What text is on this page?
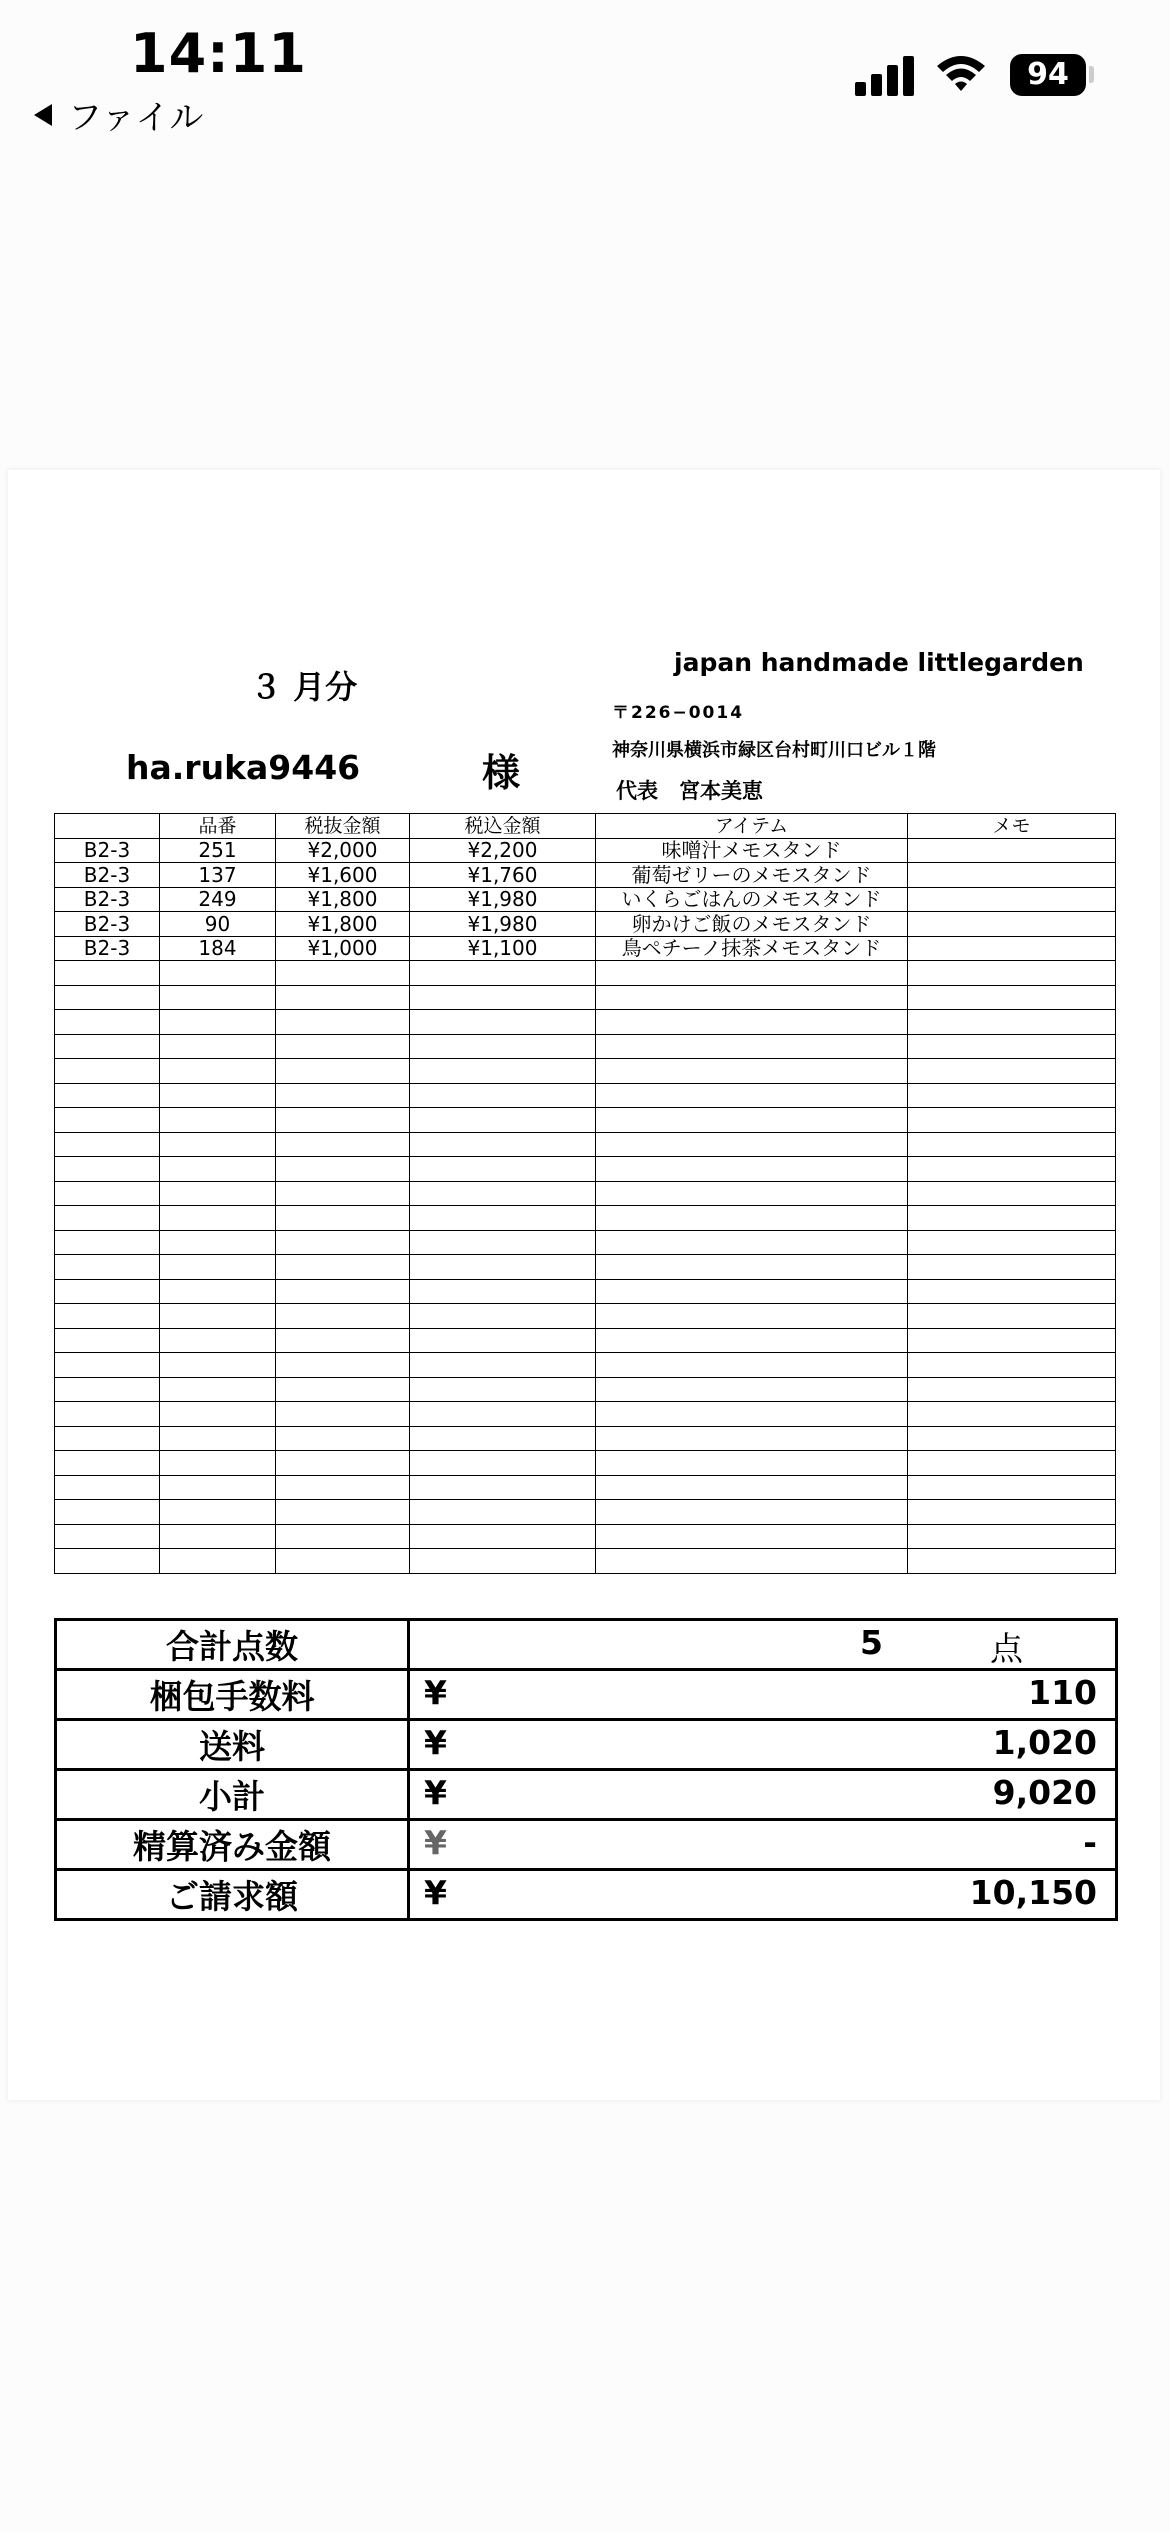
14:11
ファイル
94
３ 月分
ha.ruka9446	様
japan handmade littlegarden
〒226−0014
神奈川県横浜市緑区台村町川口ビル１階
代表　宮本美恵
	品番	税抜金額	税込金額	アイテム	メモ
B2-3	251	¥2,000	¥2,200	味噌汁メモスタンド	
B2-3	137	¥1,600	¥1,760	葡萄ゼリーのメモスタンド	
B2-3	249	¥1,800	¥1,980	いくらごはんのメモスタンド	
B2-3	90	¥1,800	¥1,980	卵かけご飯のメモスタンド	
B2-3	184	¥1,000	¥1,100	鳥ペチーノ抹茶メモスタンド	

合計点数	5 点

梱包手数料	¥ 110

送料	¥ 1,020

小計	¥ 9,020

精算済み金額	¥ -

ご請求額	¥ 10,150
